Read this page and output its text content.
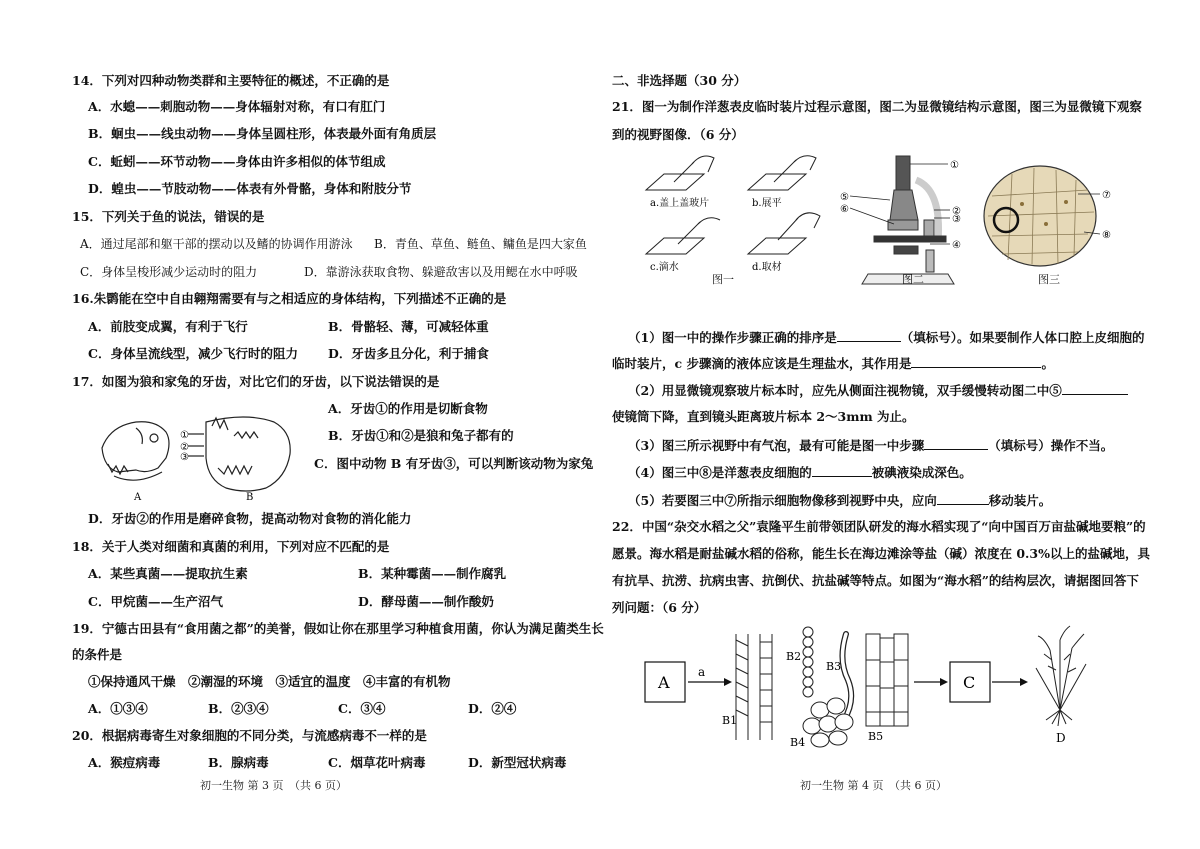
14．下列对四种动物类群和主要特征的概述，不正确的是
A．水螅——刺胞动物——身体辐射对称，有口有肛门
B．蛔虫——线虫动物——身体呈圆柱形，体表最外面有角质层
C．蚯蚓——环节动物——身体由许多相似的体节组成
D．蝗虫——节肢动物——体表有外骨骼，身体和附肢分节
15．下列关于鱼的说法，错误的是
A．通过尾部和躯干部的摆动以及鳍的协调作用游泳 B．青鱼、草鱼、鲢鱼、鳙鱼是四大家鱼
C．身体呈梭形减少运动时的阻力	D．靠游泳获取食物、躲避敌害以及用鳃在水中呼吸
16.朱鹮能在空中自由翱翔需要有与之相适应的身体结构，下列描述不正确的是
A．前肢变成翼，有利于飞行	B．骨骼轻、薄，可减轻体重
C．身体呈流线型，减少飞行时的阻力 D．牙齿多且分化，利于捕食
17．如图为狼和家兔的牙齿，对比它们的牙齿，以下说法错误的是
A．牙齿①的作用是切断食物
B．牙齿①和②是狼和兔子都有的
C．图中动物 B 有牙齿③，可以判断该动物为家兔
①
②
③
A	B
D．牙齿②的作用是磨碎食物，提高动物对食物的消化能力
18．关于人类对细菌和真菌的利用，下列对应不匹配的是
A．某些真菌——提取抗生素	B．某种霉菌——制作腐乳
C．甲烷菌——生产沼气	D．酵母菌——制作酸奶
19．宁德古田县有“食用菌之都”的美誉，假如让你在那里学习种植食用菌，你认为满足菌类生长
的条件是
①保持通风干燥　②潮湿的环境　③适宜的温度　④丰富的有机物
A．①③④	B．②③④	C．③④	D．②④
20．根据病毒寄生对象细胞的不同分类，与流感病毒不一样的是
A．猴痘病毒	B．腺病毒	C．烟草花叶病毒	D．新型冠状病毒
初一生物 第 3 页　（共 6 页）
二、非选择题（30 分）
21．图一为制作洋葱表皮临时装片过程示意图，图二为显微镜结构示意图，图三为显微镜下观察
到的视野图像．（6 分）
a.盖上盖玻片	b.展平
c.滴水	d.取材
图一
①
⑤
②
⑥
③
④
图二
⑦
⑧
图三
（1）图一中的操作步骤正确的排序是	（填标号）。如果要制作人体口腔上皮细胞的
临时装片，c 步骤滴的液体应该是生理盐水，其作用是	。
（2）用显微镜观察玻片标本时，应先从侧面注视物镜，双手缓慢转动图二中⑤
使镜筒下降，直到镜头距离玻片标本 2～3mm 为止。
（3）图三所示视野中有气泡，最有可能是图一中步骤	（填标号）操作不当。
（4）图三中⑧是洋葱表皮细胞的	被碘液染成深色。
（5）若要图三中⑦所指示细胞物像移到视野中央，应向	移动装片。
22．中国“杂交水稻之父”袁隆平生前带领团队研发的海水稻实现了“向中国百万亩盐碱地要粮”的
愿景。海水稻是耐盐碱水稻的俗称，能生长在海边滩涂等盐（碱）浓度在 0.3%以上的盐碱地，具
有抗旱、抗涝、抗病虫害、抗倒伏、抗盐碱等特点。如图为“海水稻”的结构层次，请据图回答下
列问题：（6 分）
A
a
B1
B2
B3
B4	B5
C
D
初一生物 第 4 页　（共 6 页）
